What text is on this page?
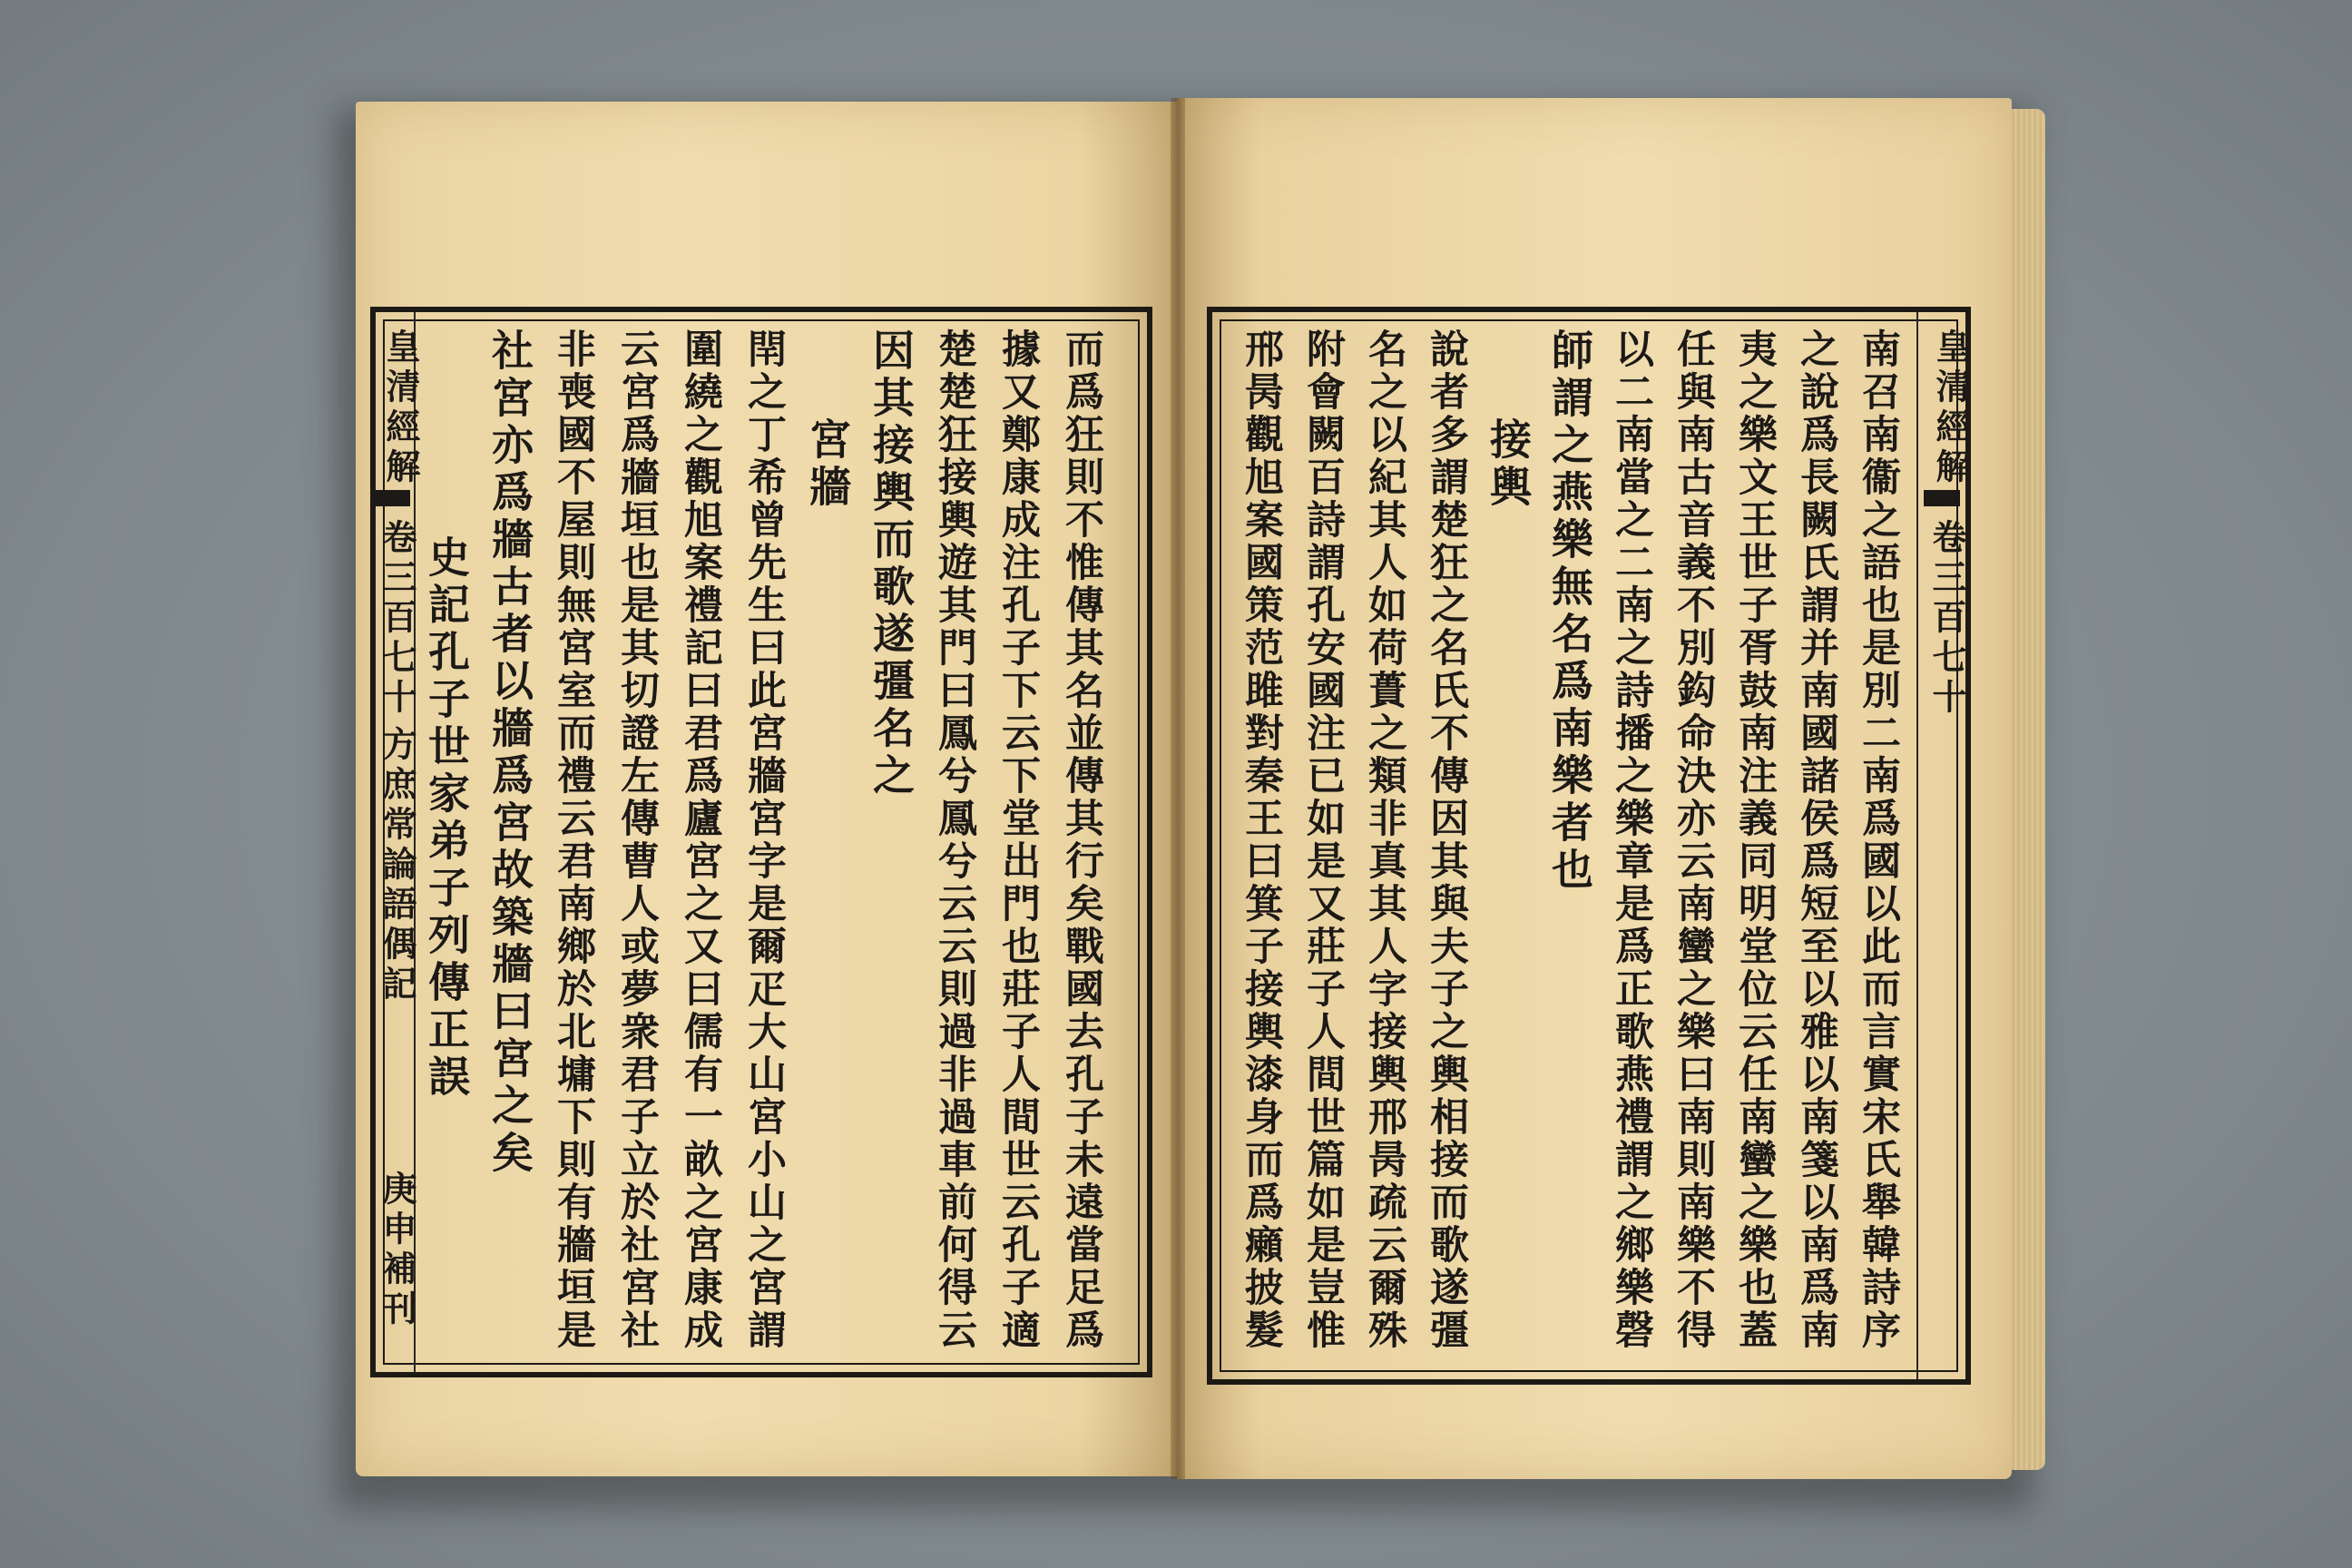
而爲狂則不惟傳其名並傳其行矣戰國去孔子未遠當足爲
據又鄭康成注孔子下云下堂出門也莊子人間世云孔子適
楚楚狂接輿遊其門曰鳳兮鳳兮云云則過非過車前何得云
因其接輿而歌遂彊名之
宮牆
閈之丁希曾先生曰此宮牆宮字是爾疋大山宮小山之宮謂
圍繞之觀旭案禮記曰君爲廬宮之又曰儒有一畝之宮康成
云宮爲牆垣也是其切證左傳曹人或夢衆君子立於社宮社
非喪國不屋則無宮室而禮云君南鄉於北墉下則有牆垣是
社宮亦爲牆古者以牆爲宮故築牆曰宮之矣
史記孔子世家弟子列傳正誤
皇清經解
卷三百七十
方庶常論語偶記
庚申補刊
皇清經解
卷三百七十
南召南衞之語也是別二南爲國以此而言實宋氏舉韓詩序
之說爲長闕氏謂并南國諸侯爲短至以雅以南箋以南爲南
夷之樂文王世子胥鼓南注義同明堂位云任南蠻之樂也蓋
任與南古音義不別鈎命決亦云南蠻之樂曰南則南樂不得
以二南當之二南之詩播之樂章是爲正歌燕禮謂之鄉樂磬
師謂之燕樂無名爲南樂者也
接輿
說者多謂楚狂之名氏不傳因其與夫子之輿相接而歌遂彊
名之以紀其人如荷蕢之類非真其人字接輿邢昺疏云爾殊
附會闕百詩謂孔安國注已如是又莊子人間世篇如是豈惟
邢昺觀旭案國策范雎對秦王曰箕子接輿漆身而爲癩披髮
